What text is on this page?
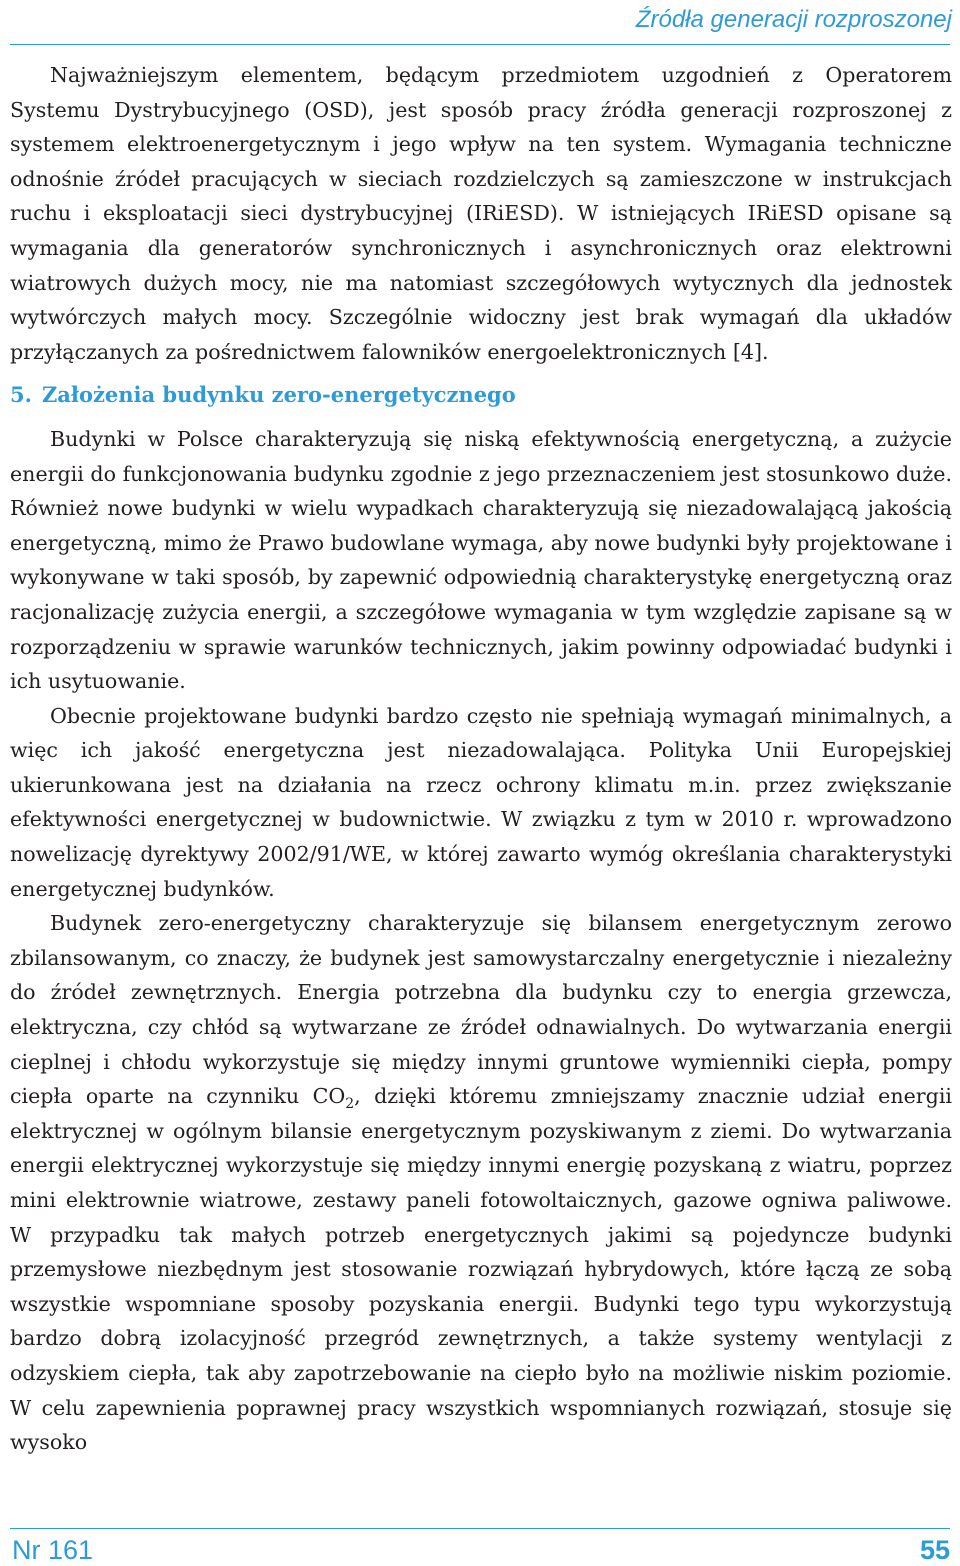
Źródła generacji rozproszonej

Najważniejszym elementem, będącym przedmiotem uzgodnień z Operatorem Systemu Dystrybucyjnego (OSD), jest sposób pracy źródła generacji rozproszonej z systemem elektroenergetycznym i jego wpływ na ten system. Wymagania techniczne odnośnie źródeł pracujących w sieciach rozdzielczych są zamieszczone w instrukcjach ruchu i eksploatacji sieci dystrybucyjnej (IRiESD). W istniejących IRiESD opisane są wymagania dla generatorów synchronicznych i asynchronicznych oraz elektrowni wiatrowych dużych mocy, nie ma natomiast szczegółowych wytycznych dla jednostek wytwórczych małych mocy. Szczególnie widoczny jest brak wymagań dla układów przyłączanych za pośrednictwem falowników energoelektronicznych [4].

5. Założenia budynku zero-energetycznego

Budynki w Polsce charakteryzują się niską efektywnością energetyczną, a zużycie energii do funkcjonowania budynku zgodnie z jego przeznaczeniem jest stosunkowo duże. Również nowe budynki w wielu wypadkach charakteryzują się niezadowalającą jakością energetyczną, mimo że Prawo budowlane wymaga, aby nowe budynki były projektowane i wykonywane w taki sposób, by zapewnić odpowiednią charakterystykę energetyczną oraz racjonalizację zużycia energii, a szczegółowe wymagania w tym względzie zapisane są w rozporządzeniu w sprawie warunków technicznych, jakim powinny odpowiadać budynki i ich usytuowanie.

Obecnie projektowane budynki bardzo często nie spełniają wymagań minimalnych, a więc ich jakość energetyczna jest niezadowalająca. Polityka Unii Europejskiej ukierunkowana jest na działania na rzecz ochrony klimatu m.in. przez zwiększanie efektywności energetycznej w budownictwie. W związku z tym w 2010 r. wprowadzono nowelizację dyrektywy 2002/91/WE, w której zawarto wymóg określania charakterystyki energetycznej budynków.

Budynek zero-energetyczny charakteryzuje się bilansem energetycznym zerowo zbilansowanym, co znaczy, że budynek jest samowystarczalny energetycznie i niezależny do źródeł zewnętrznych. Energia potrzebna dla budynku czy to energia grzewcza, elektryczna, czy chłód są wytwarzane ze źródeł odnawialnych. Do wytwarzania energii cieplnej i chłodu wykorzystuje się między innymi gruntowe wymienniki ciepła, pompy ciepła oparte na czynniku $CO_2$, dzięki któremu zmniejszamy znacznie udział energii elektrycznej w ogólnym bilansie energetycznym pozyskiwanym z ziemi. Do wytwarzania energii elektrycznej wykorzystuje się między innymi energię pozyskaną z wiatru, poprzez mini elektrownie wiatrowe, zestawy paneli fotowoltaicznych, gazowe ogniwa paliwowe. W przypadku tak małych potrzeb energetycznych jakimi są pojedyncze budynki przemysłowe niezbędnym jest stosowanie rozwiązań hybrydowych, które łączą ze sobą wszystkie wspomniane sposoby pozyskania energii. Budynki tego typu wykorzystują bardzo dobrą izolacyjność przegród zewnętrznych, a także systemy wentylacji z odzyskiem ciepła, tak aby zapotrzebowanie na ciepło było na możliwie niskim poziomie. W celu zapewnienia poprawnej pracy wszystkich wspomnianych rozwiązań, stosuje się wysoko

Nr 161	55
